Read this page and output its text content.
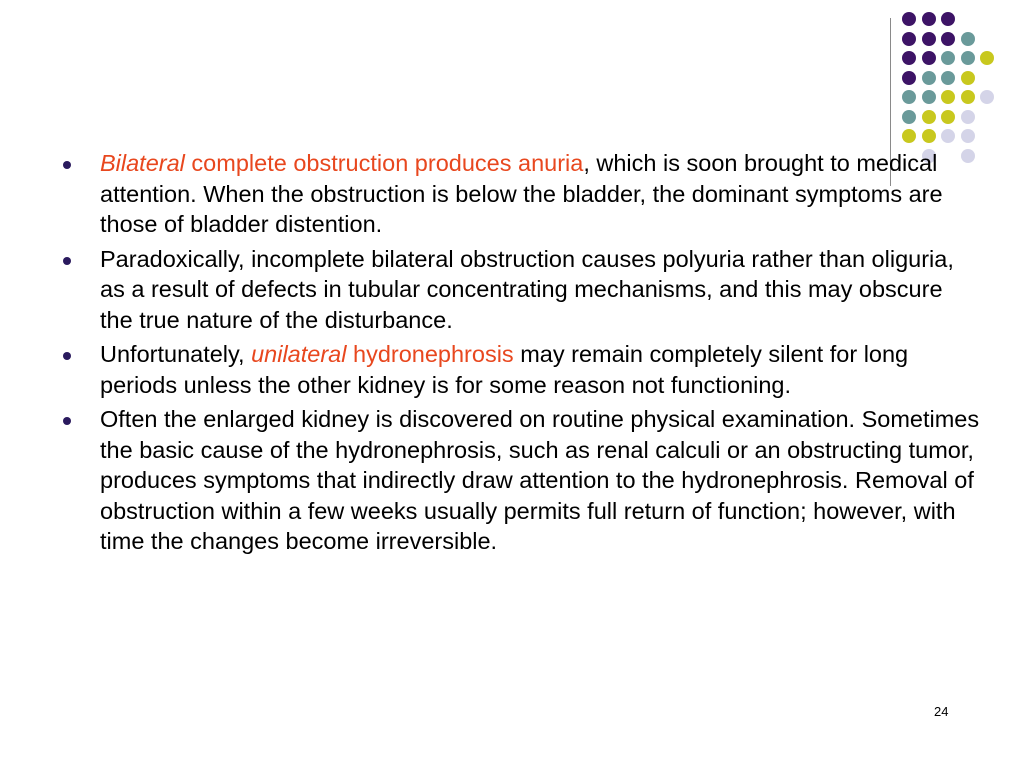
Bilateral complete obstruction produces anuria, which is soon brought to medical attention. When the obstruction is below the bladder, the dominant symptoms are those of bladder distention.
Paradoxically, incomplete bilateral obstruction causes polyuria rather than oliguria, as a result of defects in tubular concentrating mechanisms, and this may obscure the true nature of the disturbance.
Unfortunately, unilateral hydronephrosis may remain completely silent for long periods unless the other kidney is for some reason not functioning.
Often the enlarged kidney is discovered on routine physical examination. Sometimes the basic cause of the hydronephrosis, such as renal calculi or an obstructing tumor, produces symptoms that indirectly draw attention to the hydronephrosis. Removal of obstruction within a few weeks usually permits full return of function; however, with time the changes become irreversible.
24
